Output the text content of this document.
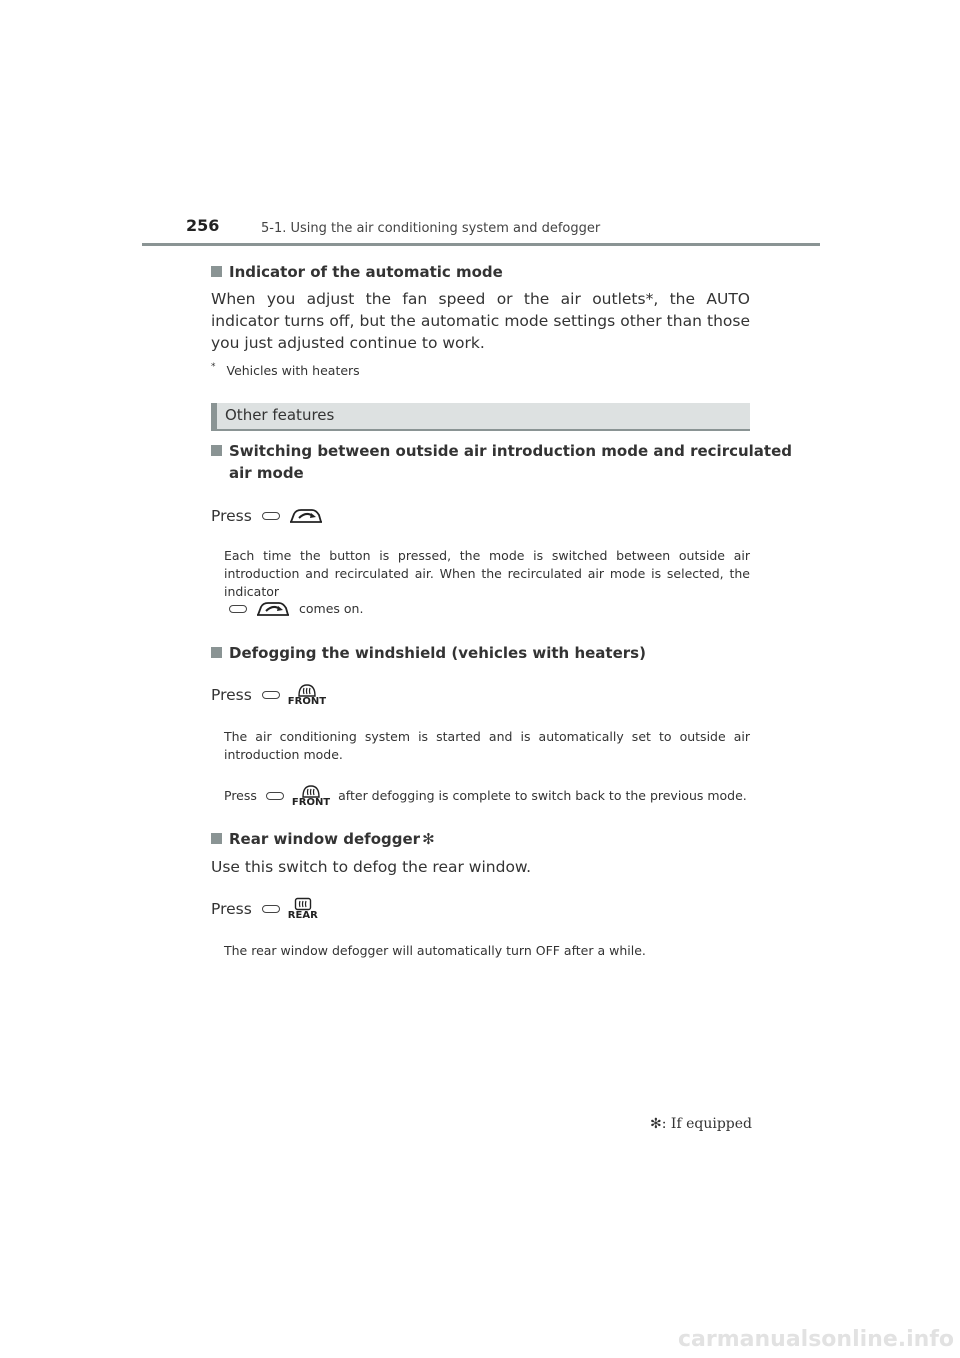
256	5-1. Using the air conditioning system and defogger
Indicator of the automatic mode
When you adjust the fan speed or the air outlets*, the AUTO indicator turns off, but the automatic mode settings other than those you just adjusted continue to work.
* Vehicles with heaters
Other features
Switching between outside air introduction mode and recirculated
air mode
Press
Each time the button is pressed, the mode is switched between outside air introduction and recirculated air. When the recirculated air mode is selected, the indicator
comes on.
Defogging the windshield (vehicles with heaters)
Press	FRONT
The air conditioning system is started and is automatically set to outside air introduction mode.
Press	FRONT after defogging is complete to switch back to the previous mode.
Rear window defogger ✻
Use this switch to defog the rear window.
Press	REAR
The rear window defogger will automatically turn OFF after a while.
✻: If equipped
carmanualsonline.info
